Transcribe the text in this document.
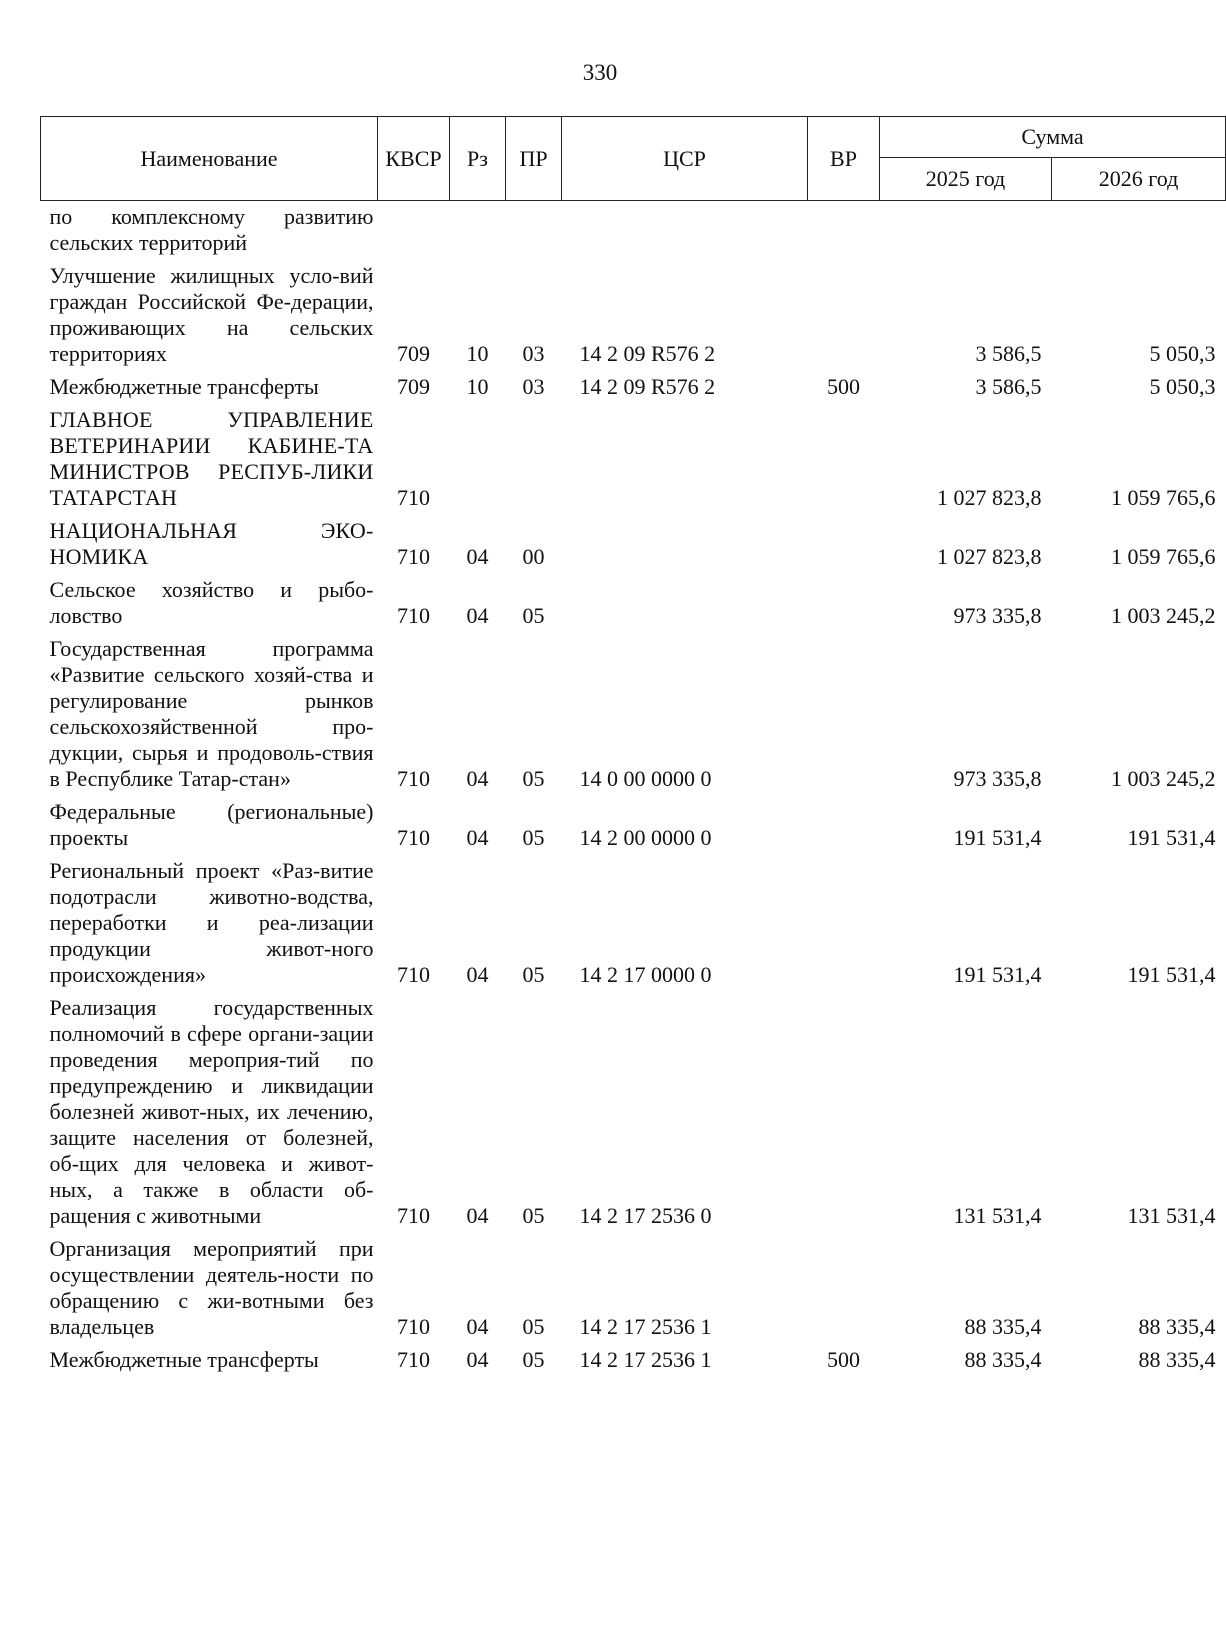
330
Наименование	КВСР	Рз	ПР	ЦСР	ВР	Сумма	
						2025 год	2026 год
по комплексному развитию сельских территорий							
Улучшение жилищных усло-вий граждан Российской Фе-дерации, проживающих на сельских территориях	709	10	03	14 2 09 R576 2		3 586,5	5 050,3
Межбюджетные трансферты	709	10	03	14 2 09 R576 2	500	3 586,5	5 050,3
ГЛАВНОЕ УПРАВЛЕНИЕ ВЕТЕРИНАРИИ КАБИНЕ-ТА МИНИСТРОВ РЕСПУБ-ЛИКИ ТАТАРСТАН	710					1 027 823,8	1 059 765,6
НАЦИОНАЛЬНАЯ ЭКО-НОМИКА	710	04	00			1 027 823,8	1 059 765,6
Сельское хозяйство и рыбо-ловство	710	04	05			973 335,8	1 003 245,2
Государственная программа «Развитие сельского хозяй-ства и регулирование рынков сельскохозяйственной про-дукции, сырья и продоволь-ствия в Республике Татар-стан»	710	04	05	14 0 00 0000 0		973 335,8	1 003 245,2
Федеральные (региональные) проекты	710	04	05	14 2 00 0000 0		191 531,4	191 531,4
Региональный проект «Раз-витие подотрасли животно-водства, переработки и реа-лизации продукции живот-ного происхождения»	710	04	05	14 2 17 0000 0		191 531,4	191 531,4
Реализация государственных полномочий в сфере органи-зации проведения мероприя-тий по предупреждению и ликвидации болезней живот-ных, их лечению, защите населения от болезней, об-щих для человека и живот-ных, а также в области об-ращения с животными	710	04	05	14 2 17 2536 0		131 531,4	131 531,4
Организация мероприятий при осуществлении деятель-ности по обращению с жи-вотными без владельцев	710	04	05	14 2 17 2536 1		88 335,4	88 335,4
Межбюджетные трансферты	710	04	05	14 2 17 2536 1	500	88 335,4	88 335,4
